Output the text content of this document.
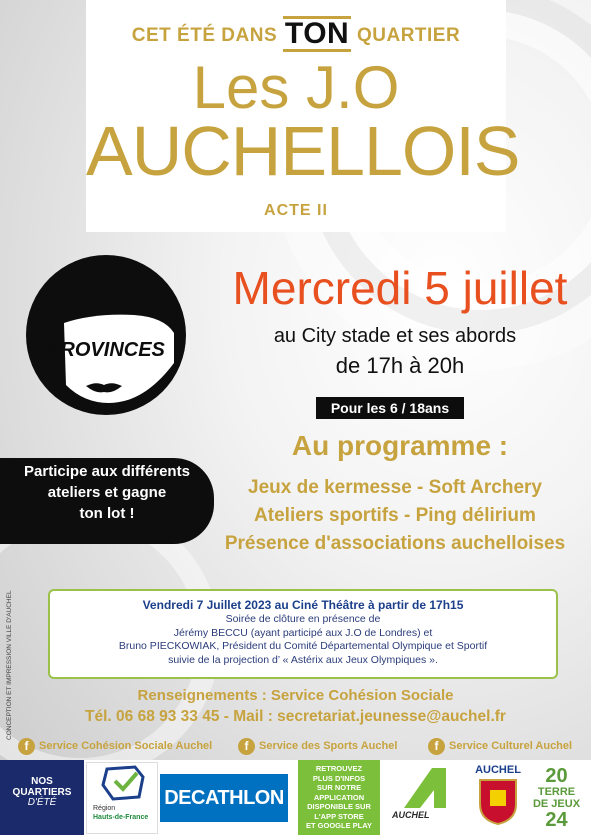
CET ÉTÉ DANS TON QUARTIER
Les J.O
AUCHELLOIS
ACTE II
PROVINCES
Mercredi 5 juillet
au City stade et ses abords
de 17h à 20h
Pour les 6 / 18ans
Au programme :
Jeux de kermesse - Soft Archery
Ateliers sportifs - Ping délirium
Présence d'associations auchelloises
Participe aux différents
ateliers et gagne
ton lot !
Vendredi 7 Juillet 2023 au Ciné Théâtre à partir de 17h15
Soirée de clôture en présence de
Jérémy BECCU (ayant participé aux J.O de Londres) et
Bruno PIECKOWIAK, Président du Comité Départemental Olympique et Sportif
suivie de la projection d’ « Astérix aux Jeux Olympiques ».
CONCEPTION ET IMPRESSION VILLE D'AUCHEL	Renseignements : Service Cohésion Sociale
Tél. 06 68 93 33 45 - Mail : secretariat.jeunesse@auchel.fr
f Service Cohésion Sociale Auchel	f Service des Sports Auchel	f Service Culturel Auchel
NOS
QUARTIERS
D'ÉTÉ
Région
Hauts-de-France
DECATHLON
RETROUVEZ
PLUS D'INFOS
SUR NOTRE
APPLICATION
DISPONIBLE SUR
L'APP STORE
ET GOOGLE PLAY
AUCHEL
AUCHEL	20
TERRE
DE JEUX
24
